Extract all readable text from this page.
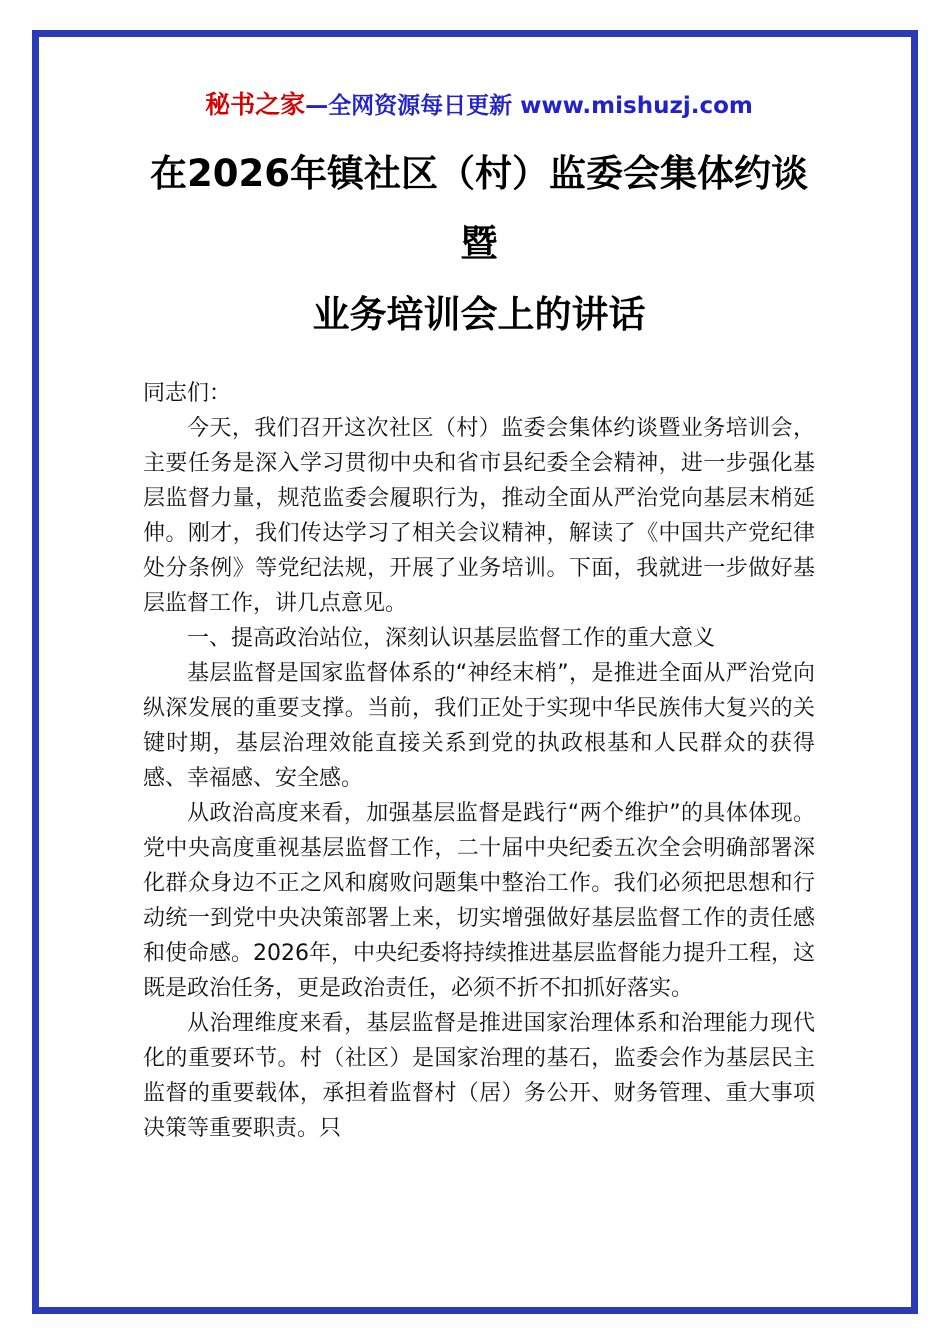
秘书之家—全网资源每日更新 www.mishuzj.com
在2026年镇社区（村）监委会集体约谈暨
业务培训会上的讲话

同志们：

今天，我们召开这次社区（村）监委会集体约谈暨业务培训会，主要任务是深入学习贯彻中央和省市县纪委全会精神，进一步强化基层监督力量，规范监委会履职行为，推动全面从严治党向基层末梢延伸。刚才，我们传达学习了相关会议精神，解读了《中国共产党纪律处分条例》等党纪法规，开展了业务培训。下面，我就进一步做好基层监督工作，讲几点意见。

一、提高政治站位，深刻认识基层监督工作的重大意义

基层监督是国家监督体系的“神经末梢”，是推进全面从严治党向纵深发展的重要支撑。当前，我们正处于实现中华民族伟大复兴的关键时期，基层治理效能直接关系到党的执政根基和人民群众的获得感、幸福感、安全感。

从政治高度来看，加强基层监督是践行“两个维护”的具体体现。党中央高度重视基层监督工作，二十届中央纪委五次全会明确部署深化群众身边不正之风和腐败问题集中整治工作。我们必须把思想和行动统一到党中央决策部署上来，切实增强做好基层监督工作的责任感和使命感。2026年，中央纪委将持续推进基层监督能力提升工程，这既是政治任务，更是政治责任，必须不折不扣抓好落实。

从治理维度来看，基层监督是推进国家治理体系和治理能力现代化的重要环节。村（社区）是国家治理的基石，监委会作为基层民主监督的重要载体，承担着监督村（居）务公开、财务管理、重大事项决策等重要职责。只
